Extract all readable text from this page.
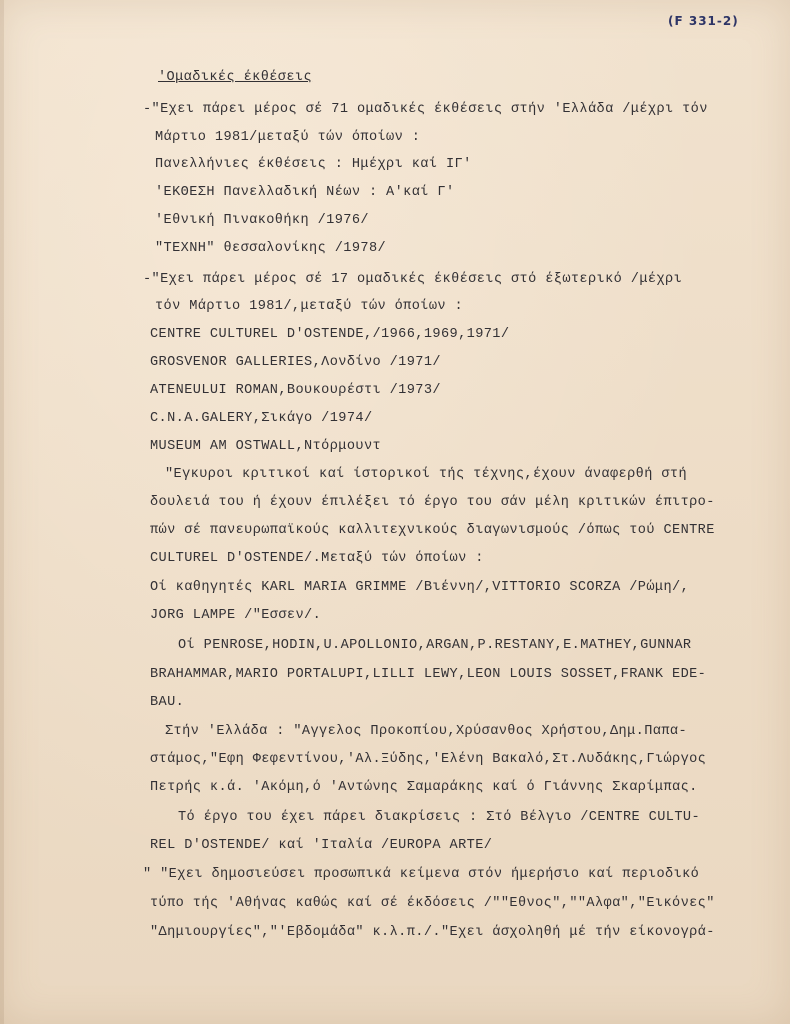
(F 331-2)
'Ομαδικές έκθέσεις
-"Εχει πάρει μέρος σέ 71 ομαδικές έκθέσεις στήν 'Ελλάδα /μέχρι τόν
Μάρτιο 1981/μεταξύ τών όποίων :
Πανελλήνιες έκθέσεις : Ημέχρι καί ΙΓ'
'ΕΚΘΕΣΗ Πανελλαδική Νέων : Α'καί Γ'
'Εθνική Πινακοθήκη /1976/
"ΤΕΧΝΗ" θεσσαλονίκης /1978/
-"Εχει πάρει μέρος σέ 17 ομαδικές έκθέσεις στό έξωτερικό /μέχρι
τόν Μάρτιο 1981/,μεταξύ τών όποίων :
CENTRE CULTUREL D'OSTENDE,/1966,1969,1971/
GROSVENOR GALLERIES,Λονδίνο /1971/
ATENEULUI ROMAN,Βουκουρέστι /1973/
C.N.A.GALERY,Σικάγο /1974/
MUSEUM AM OSTWALL,Ντόρμουντ
"Εγκυροι κριτικοί καί ίστορικοί τής τέχνης,έχουν άναφερθή στή
δουλειά του ή έχουν έπιλέξει τό έργο του σάν μέλη κριτικών έπιτρο-
πών σέ πανευρωπαϊκούς καλλιτεχνικούς διαγωνισμούς /όπως τού CENTRE
CULTUREL D'OSTENDE/.Μεταξύ τών όποίων :
Οί καθηγητές KARL MARIA GRIMME /Βιέννη/,VITTORIO SCORZA /Ρώμη/,
JORG LAMPE /"Εσσεν/.
Οί PENROSE,HODIN,U.APOLLONIO,ARGAN,P.RESTANY,E.MATHEY,GUNNAR
BRAHAMMAR,MARIO PORTALUPI,LILLI LEWY,LEON LOUIS SOSSET,FRANK EDE-
BAU.
Στήν 'Ελλάδα : "Αγγελος Προκοπίου,Χρύσανθος Χρήστου,Δημ.Παπα-
στάμος,"Εφη Φεφεντίνου,'Αλ.Ξύδης,'Ελένη Βακαλό,Στ.Λυδάκης,Γιώργος
Πετρής κ.ά. 'Ακόμη,ό 'Αντώνης Σαμαράκης καί ό Γιάννης Σκαρίμπας.
Τό έργο του έχει πάρει διακρίσεις : Στό Βέλγιο /CENTRE CULTU-
REL D'OSTENDE/ καί 'Ιταλία /EUROPA ARTE/
" "Εχει δημοσιεύσει προσωπικά κείμενα στόν ήμερήσιο καί περιοδικό
τύπο τής 'Αθήνας καθώς καί σέ έκδόσεις /""Εθνος",""Αλφα","Εικόνες"
"Δημιουργίες","'Εβδομάδα" κ.λ.π./."Εχει άσχοληθή μέ τήν είκονογρά-
